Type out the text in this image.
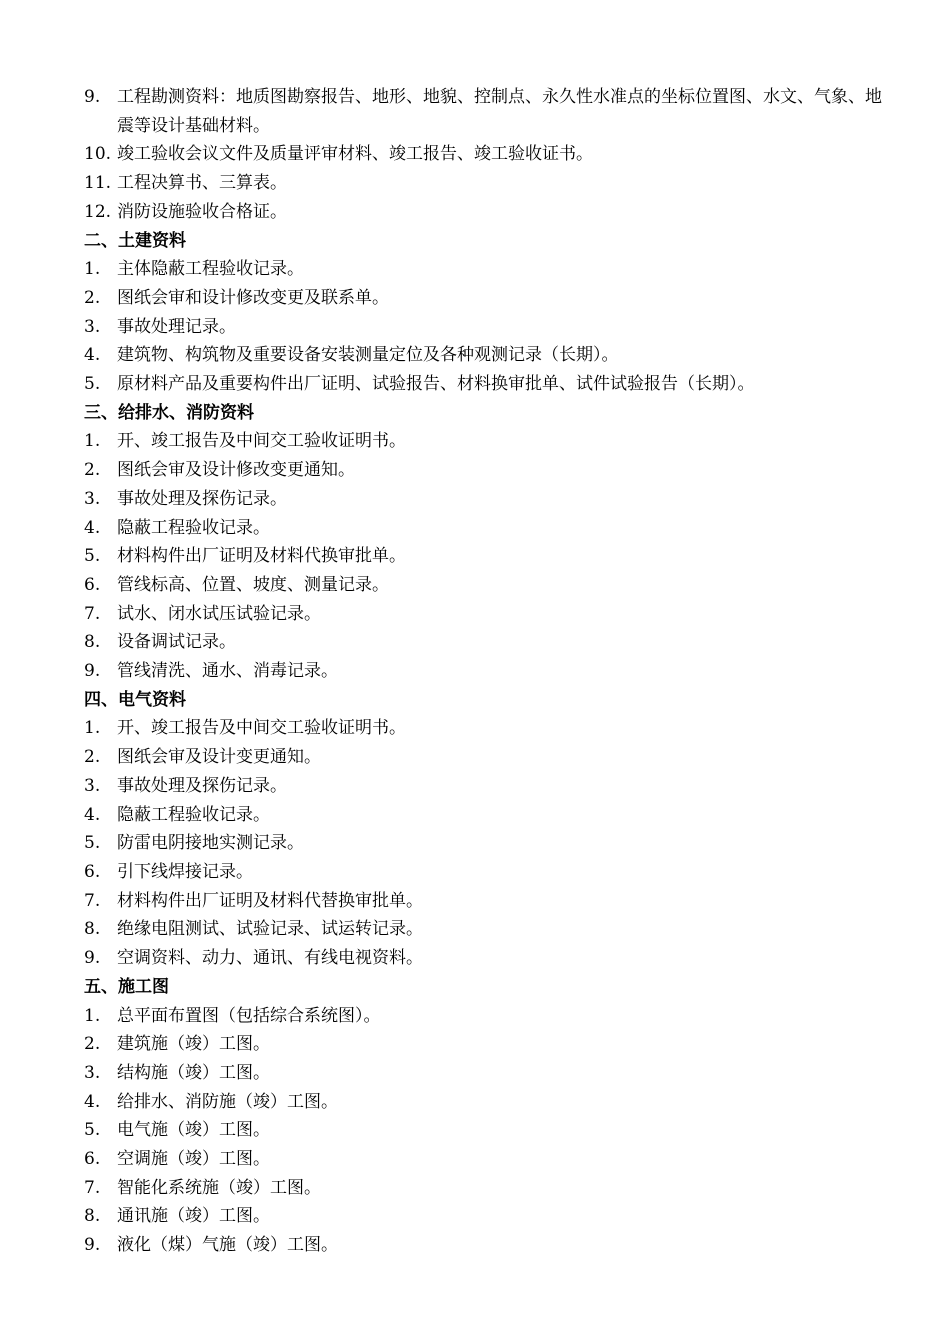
9. 工程勘测资料：地质图勘察报告、地形、地貌、控制点、永久性水准点的坐标位置图、水文、气象、地震等设计基础材料。
10. 竣工验收会议文件及质量评审材料、竣工报告、竣工验收证书。
11. 工程决算书、三算表。
12. 消防设施验收合格证。
二、土建资料
1. 主体隐蔽工程验收记录。
2. 图纸会审和设计修改变更及联系单。
3. 事故处理记录。
4. 建筑物、构筑物及重要设备安装测量定位及各种观测记录（长期）。
5. 原材料产品及重要构件出厂证明、试验报告、材料换审批单、试件试验报告（长期）。
三、给排水、消防资料
1. 开、竣工报告及中间交工验收证明书。
2. 图纸会审及设计修改变更通知。
3. 事故处理及探伤记录。
4. 隐蔽工程验收记录。
5. 材料构件出厂证明及材料代换审批单。
6. 管线标高、位置、坡度、测量记录。
7. 试水、闭水试压试验记录。
8. 设备调试记录。
9. 管线清洗、通水、消毒记录。
四、电气资料
1. 开、竣工报告及中间交工验收证明书。
2. 图纸会审及设计变更通知。
3. 事故处理及探伤记录。
4. 隐蔽工程验收记录。
5. 防雷电阴接地实测记录。
6. 引下线焊接记录。
7. 材料构件出厂证明及材料代替换审批单。
8. 绝缘电阻测试、试验记录、试运转记录。
9. 空调资料、动力、通讯、有线电视资料。
五、施工图
1. 总平面布置图（包括综合系统图）。
2. 建筑施（竣）工图。
3. 结构施（竣）工图。
4. 给排水、消防施（竣）工图。
5. 电气施（竣）工图。
6. 空调施（竣）工图。
7. 智能化系统施（竣）工图。
8. 通讯施（竣）工图。
9. 液化（煤）气施（竣）工图。
